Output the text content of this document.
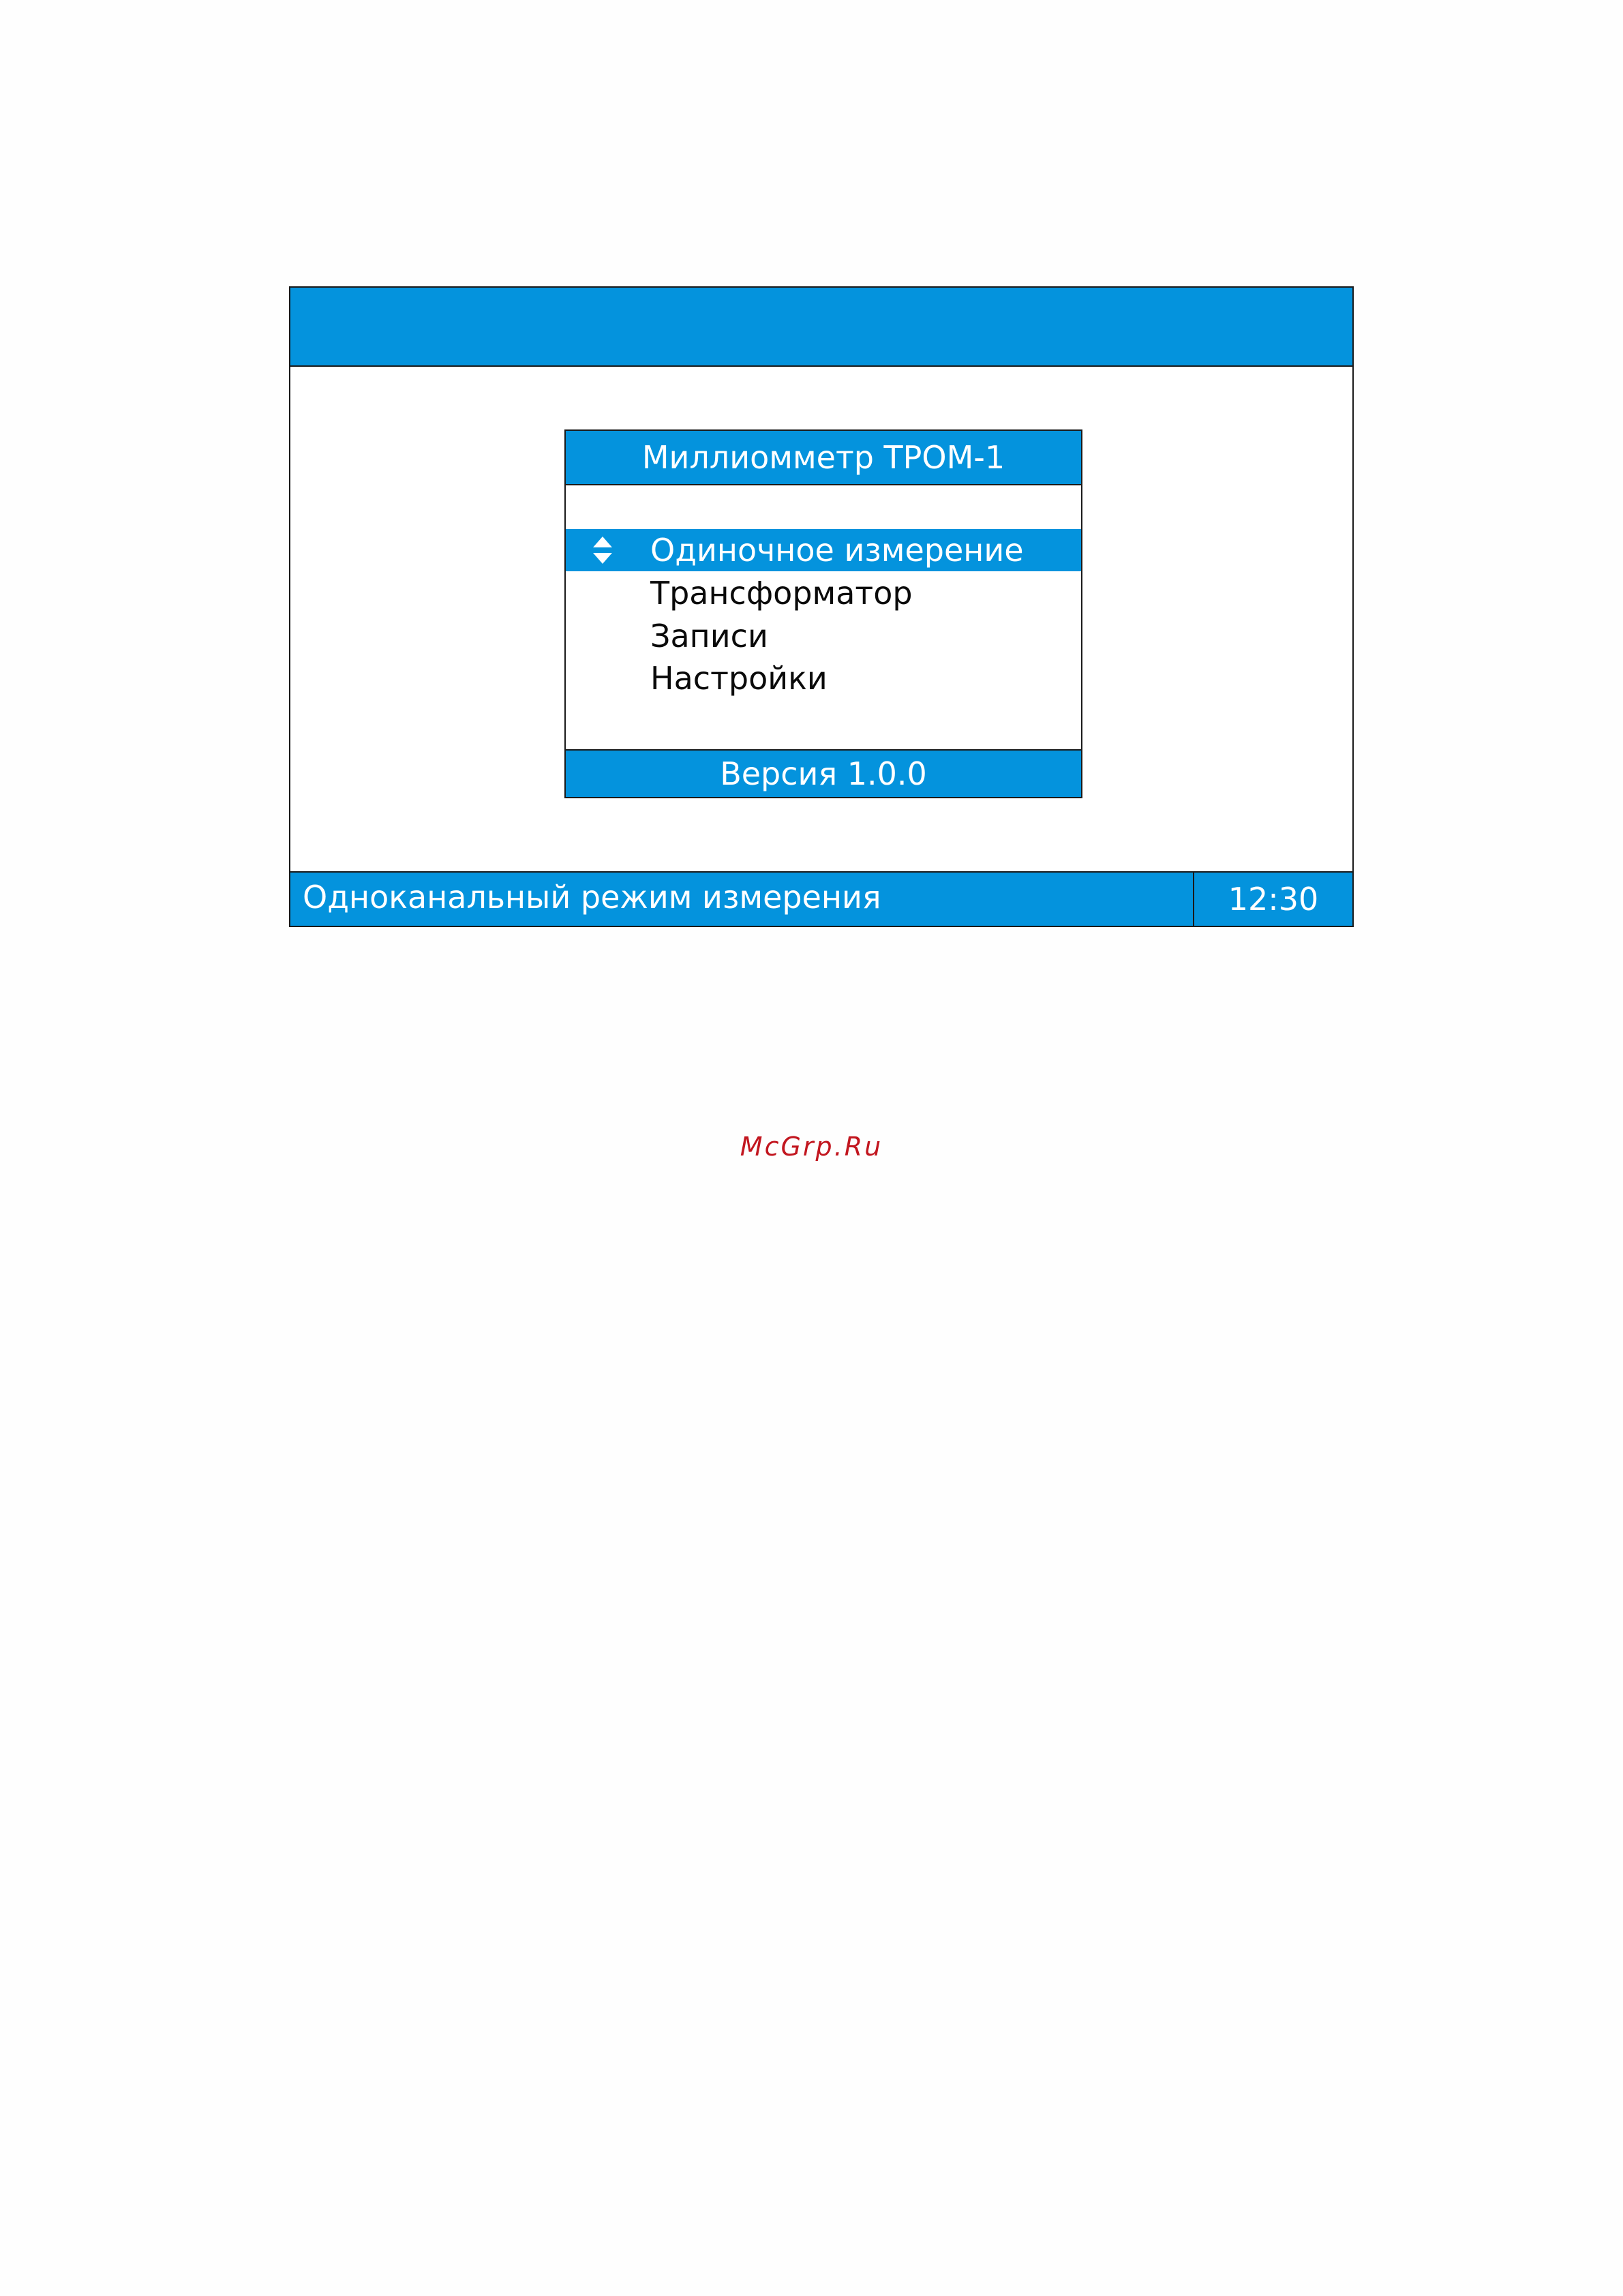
Миллиомметр ТРОМ-1
Одиночное измерение
Трансформатор
Записи
Настройки
Версия 1.0.0
Одноканальный режим измерения	12:30
McGrp.Ru
